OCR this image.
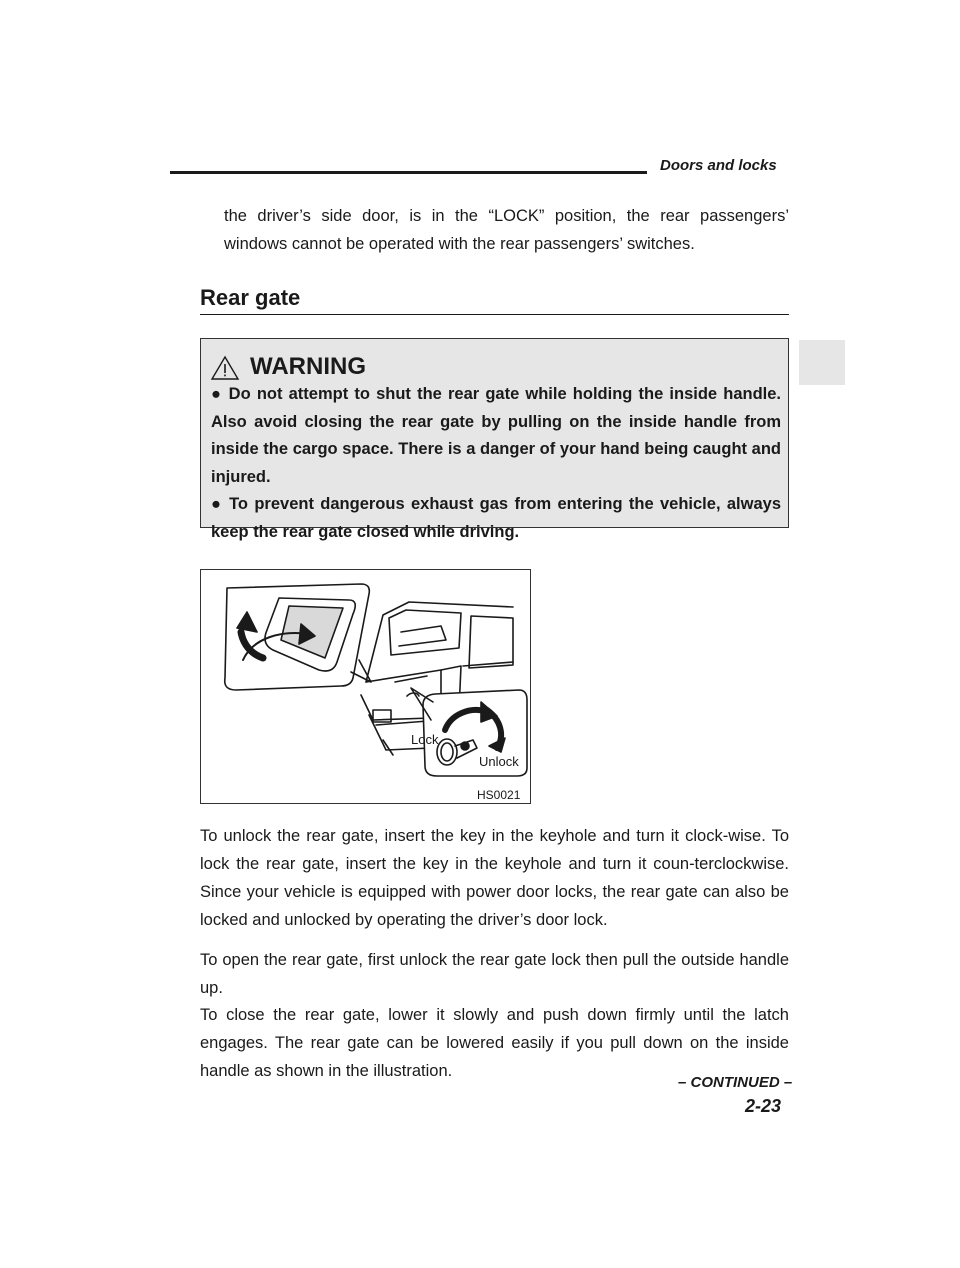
Doors and locks
the driver’s side door, is in the “LOCK” position, the rear passengers’ windows cannot be operated with the rear passengers’ switches.
Rear gate
WARNING

● Do not attempt to shut the rear gate while holding the inside handle. Also avoid closing the rear gate by pulling on the inside handle from inside the cargo space. There is a danger of your hand being caught and injured.

● To prevent dangerous exhaust gas from entering the vehicle, always keep the rear gate closed while driving.

Lock
Unlock
HS0021
To unlock the rear gate, insert the key in the keyhole and turn it clock-wise. To lock the rear gate, insert the key in the keyhole and turn it coun-terclockwise. Since your vehicle is equipped with power door locks, the rear gate can also be locked and unlocked by operating the driver’s door lock.
To open the rear gate, first unlock the rear gate lock then pull the outside handle up.
To close the rear gate, lower it slowly and push down firmly until the latch engages. The rear gate can be lowered easily if you pull down on the inside handle as shown in the illustration.
– CONTINUED –
2-23
